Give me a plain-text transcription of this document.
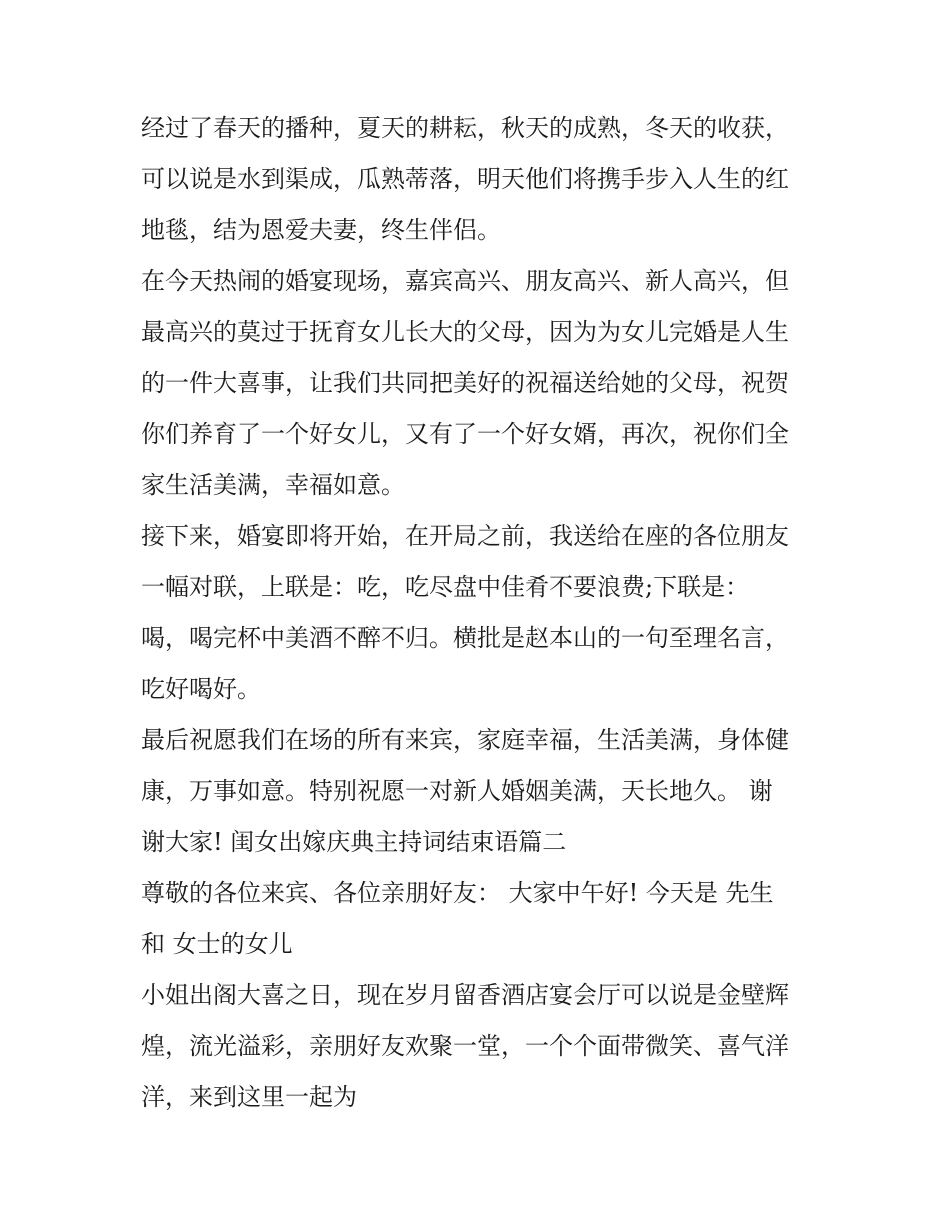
经过了春天的播种，夏天的耕耘，秋天的成熟，冬天的收获，
可以说是水到渠成，瓜熟蒂落，明天他们将携手步入人生的红
地毯，结为恩爱夫妻，终生伴侣。
在今天热闹的婚宴现场，嘉宾高兴、朋友高兴、新人高兴，但
最高兴的莫过于抚育女儿长大的父母，因为为女儿完婚是人生
的一件大喜事，让我们共同把美好的祝福送给她的父母，祝贺
你们养育了一个好女儿，又有了一个好女婿，再次，祝你们全
家生活美满，幸福如意。
接下来，婚宴即将开始，在开局之前，我送给在座的各位朋友
一幅对联，上联是：吃，吃尽盘中佳肴不要浪费;下联是：
喝，喝完杯中美酒不醉不归。横批是赵本山的一句至理名言，
吃好喝好。
最后祝愿我们在场的所有来宾，家庭幸福，生活美满，身体健
康，万事如意。特别祝愿一对新人婚姻美满，天长地久。 谢
谢大家! 闺女出嫁庆典主持词结束语篇二
尊敬的各位来宾、各位亲朋好友： 大家中午好! 今天是 先生
和 女士的女儿
小姐出阁大喜之日，现在岁月留香酒店宴会厅可以说是金壁辉
煌，流光溢彩，亲朋好友欢聚一堂，一个个面带微笑、喜气洋
洋，来到这里一起为
